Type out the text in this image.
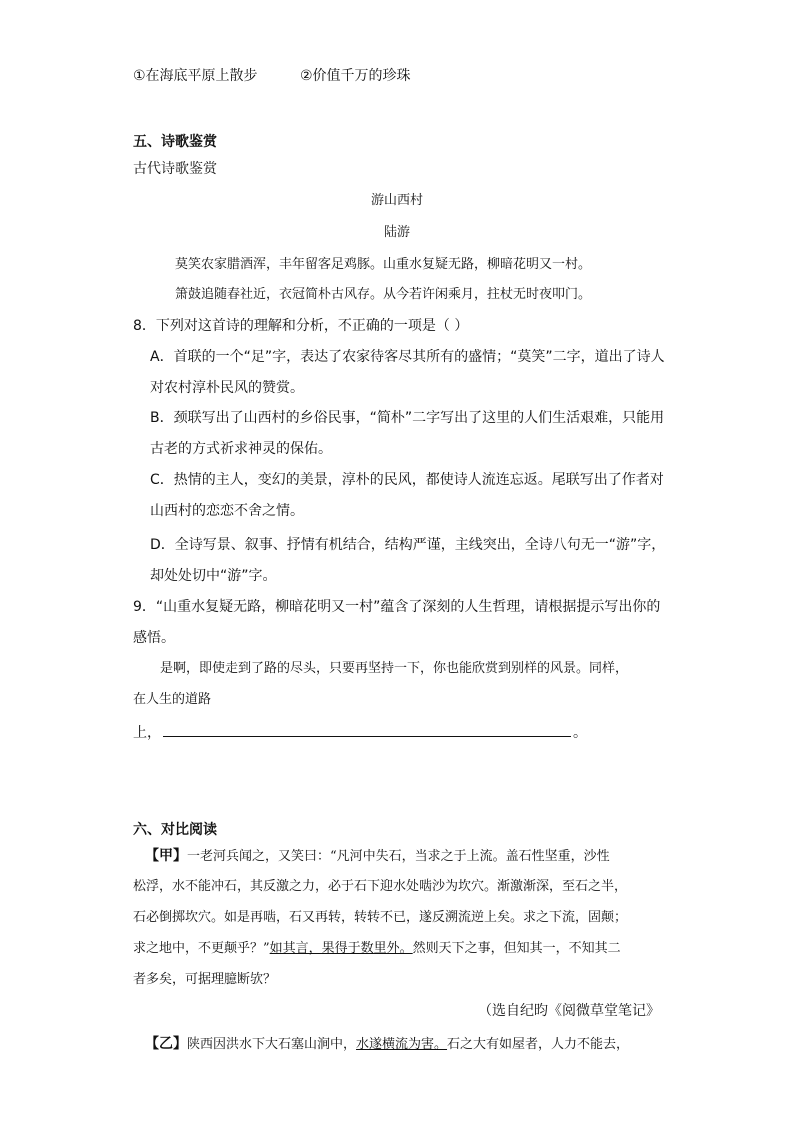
①在海底平原上散步	②价值千万的珍珠
五、诗歌鉴赏
古代诗歌鉴赏
游山西村
陆游
莫笑农家腊酒浑，丰年留客足鸡豚。山重水复疑无路，柳暗花明又一村。
箫鼓追随春社近，衣冠简朴古风存。从今若许闲乘月，拄杖无时夜叩门。
8．下列对这首诗的理解和分析，不正确的一项是（ ）
A．首联的一个“足”字，表达了农家待客尽其所有的盛情；“莫笑”二字，道出了诗人
对农村淳朴民风的赞赏。
B．颈联写出了山西村的乡俗民事，“简朴”二字写出了这里的人们生活艰难，只能用
古老的方式祈求神灵的保佑。
C．热情的主人，变幻的美景，淳朴的民风，都使诗人流连忘返。尾联写出了作者对
山西村的恋恋不舍之情。
D．全诗写景、叙事、抒情有机结合，结构严谨，主线突出，全诗八句无一“游”字，
却处处切中“游”字。
9．“山重水复疑无路，柳暗花明又一村”蕴含了深刻的人生哲理，请根据提示写出你的
感悟。
是啊，即使走到了路的尽头，只要再坚持一下，你也能欣赏到别样的风景。同样，
在人生的道路
上，	。
六、对比阅读
【甲】一老河兵闻之，又笑曰：“凡河中失石，当求之于上流。盖石性坚重，沙性
松浮，水不能冲石，其反激之力，必于石下迎水处啮沙为坎穴。渐激渐深，至石之半，
石必倒掷坎穴。如是再啮，石又再转，转转不已，遂反溯流逆上矣。求之下流，固颠；
求之地中，不更颠乎？”如其言，果得于数里外。然则天下之事，但知其一，不知其二
者多矣，可据理臆断欤？
（选自纪昀《阅微草堂笔记》
【乙】陕西因洪水下大石塞山涧中，水遂横流为害。石之大有如屋者，人力不能去，
